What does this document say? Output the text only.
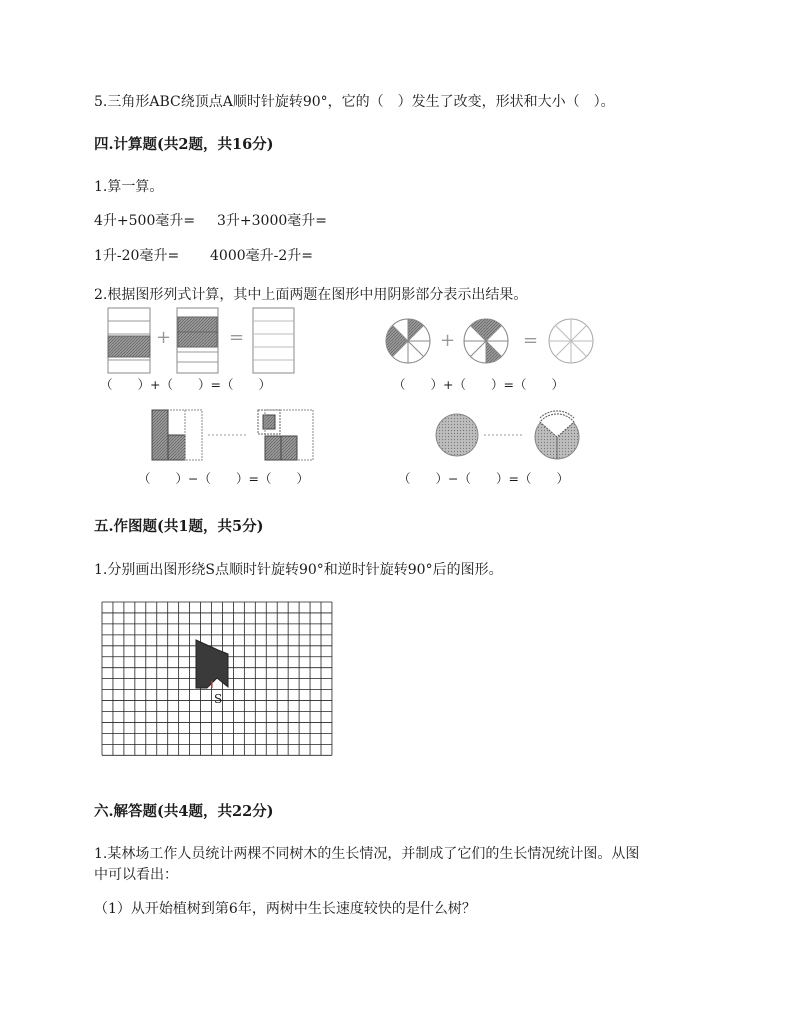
5.三角形ABC绕顶点A顺时针旋转90°，它的（　）发生了改变，形状和大小（　）。
四.计算题(共2题，共16分)
1.算一算。
4升+500毫升= 3升+3000毫升=
1升-20毫升= 4000毫升-2升=
2.根据图形列式计算，其中上面两题在图形中用阴影部分表示出结果。
+	=	+	=
（　　）+（　　）=（　　）	（　　）+（　　）=（　　）
（　　）−（　　）=（　　）	（　　）−（　　）=（　　）
五.作图题(共1题，共5分)
1.分别画出图形绕S点顺时针旋转90°和逆时针旋转90°后的图形。
S
六.解答题(共4题，共22分)
1.某林场工作人员统计两棵不同树木的生长情况，并制成了它们的生长情况统计图。从图
中可以看出：
（1）从开始植树到第6年，两树中生长速度较快的是什么树？
